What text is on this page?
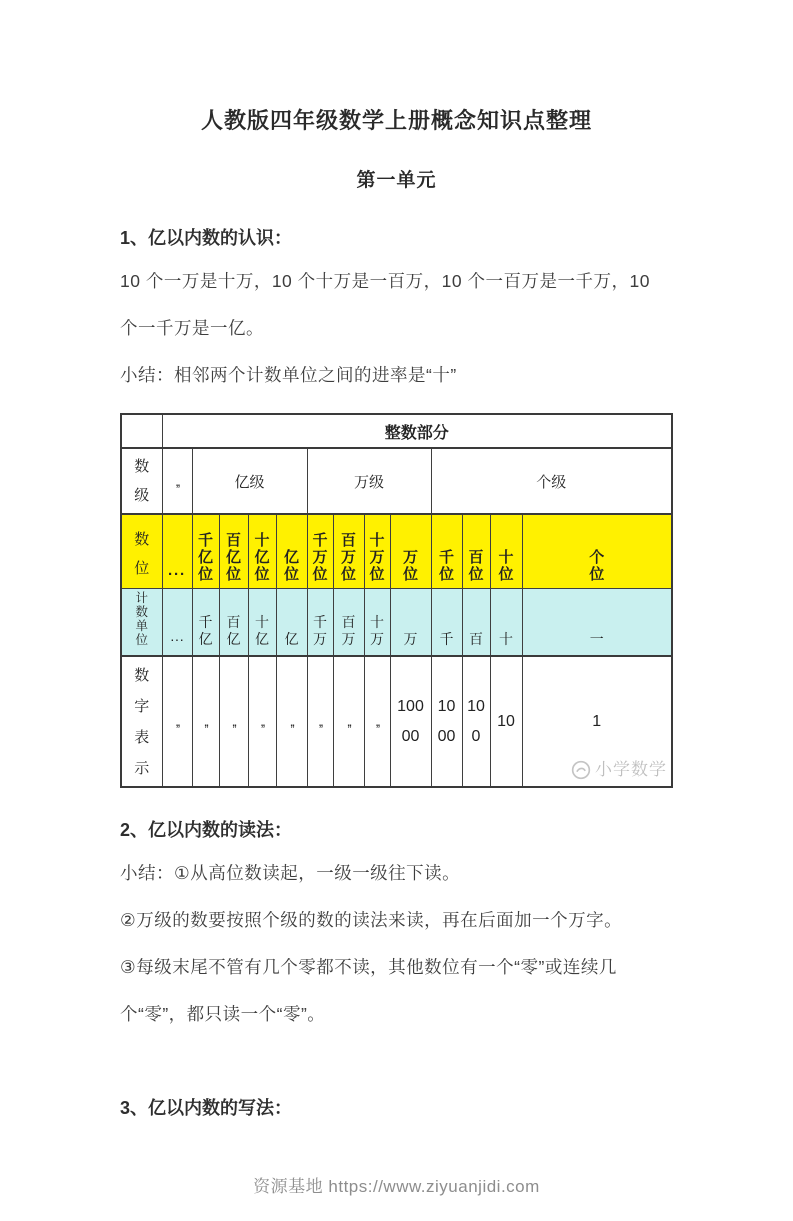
人教版四年级数学上册概念知识点整理
第一单元

1、亿以内数的认识：

10 个一万是十万，10 个十万是一百万，10 个一百万是一千万，10 个一千万是一亿。

小结：相邻两个计数单位之间的进率是“十”

	整数部分												
数级	,,	亿级				万级				个级			
数位	···	千亿位	百亿位	十亿位	亿位	千万位	百万位	十万位	万位	千位	百位	十位	个位
计数单位	···	千亿	百亿	十亿	亿	千万	百万	十万	万	千	百	十	一
数字表示	,,	,,	,,	,,	,,	,,	,,	,,	10000	1000	100	10	1
小学数学

2、亿以内数的读法：

小结：①从高位数读起，一级一级往下读。

②万级的数要按照个级的数的读法来读，再在后面加一个万字。

③每级末尾不管有几个零都不读，其他数位有一个“零”或连续几个“零”，都只读一个“零”。

3、亿以内数的写法：

资源基地 https://www.ziyuanjidi.com
